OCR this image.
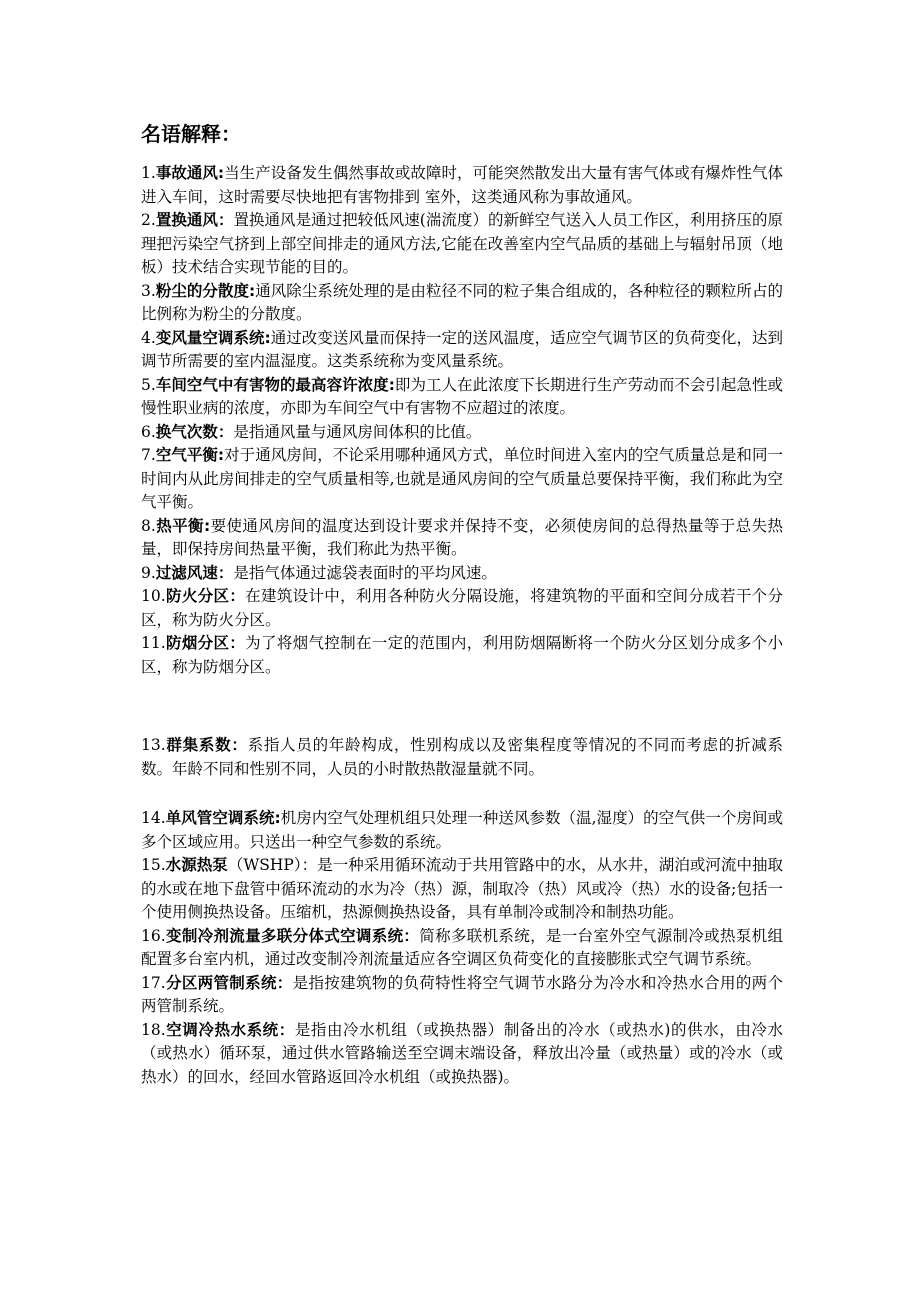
名语解释：

1.事故通风:当生产设备发生偶然事故或故障时，可能突然散发出大量有害气体或有爆炸性气体进入车间，这时需要尽快地把有害物排到 室外，这类通风称为事故通风。

2.置换通风：置换通风是通过把较低风速(湍流度）的新鲜空气送入人员工作区，利用挤压的原理把污染空气挤到上部空间排走的通风方法,它能在改善室内空气品质的基础上与辐射吊顶（地板）技术结合实现节能的目的。

3.粉尘的分散度:通风除尘系统处理的是由粒径不同的粒子集合组成的，各种粒径的颗粒所占的比例称为粉尘的分散度。

4.变风量空调系统:通过改变送风量而保持一定的送风温度，适应空气调节区的负荷变化，达到调节所需要的室内温湿度。这类系统称为变风量系统。

5.车间空气中有害物的最高容许浓度:即为工人在此浓度下长期进行生产劳动而不会引起急性或慢性职业病的浓度，亦即为车间空气中有害物不应超过的浓度。

6.换气次数：是指通风量与通风房间体积的比值。

7.空气平衡:对于通风房间，不论采用哪种通风方式，单位时间进入室内的空气质量总是和同一时间内从此房间排走的空气质量相等,也就是通风房间的空气质量总要保持平衡，我们称此为空气平衡。

8.热平衡:要使通风房间的温度达到设计要求并保持不变，必须使房间的总得热量等于总失热量，即保持房间热量平衡，我们称此为热平衡。

9.过滤风速：是指气体通过滤袋表面时的平均风速。

10.防火分区：在建筑设计中，利用各种防火分隔设施，将建筑物的平面和空间分成若干个分区，称为防火分区。

11.防烟分区：为了将烟气控制在一定的范围内，利用防烟隔断将一个防火分区划分成多个小区，称为防烟分区。

13.群集系数：系指人员的年龄构成，性别构成以及密集程度等情况的不同而考虑的折减系数。年龄不同和性别不同，人员的小时散热散湿量就不同。

14.单风管空调系统:机房内空气处理机组只处理一种送风参数（温,湿度）的空气供一个房间或多个区域应用。只送出一种空气参数的系统。

15.水源热泵（WSHP）：是一种采用循环流动于共用管路中的水，从水井，湖泊或河流中抽取的水或在地下盘管中循环流动的水为冷（热）源，制取冷（热）风或冷（热）水的设备;包括一个使用侧换热设备。压缩机，热源侧换热设备，具有单制冷或制冷和制热功能。

16.变制冷剂流量多联分体式空调系统：简称多联机系统，是一台室外空气源制冷或热泵机组配置多台室内机，通过改变制冷剂流量适应各空调区负荷变化的直接膨胀式空气调节系统。

17.分区两管制系统：是指按建筑物的负荷特性将空气调节水路分为冷水和冷热水合用的两个两管制系统。

18.空调冷热水系统：是指由冷水机组（或换热器）制备出的冷水（或热水)的供水，由冷水（或热水）循环泵，通过供水管路输送至空调末端设备，释放出冷量（或热量）或的冷水（或热水）的回水，经回水管路返回冷水机组（或换热器)。
